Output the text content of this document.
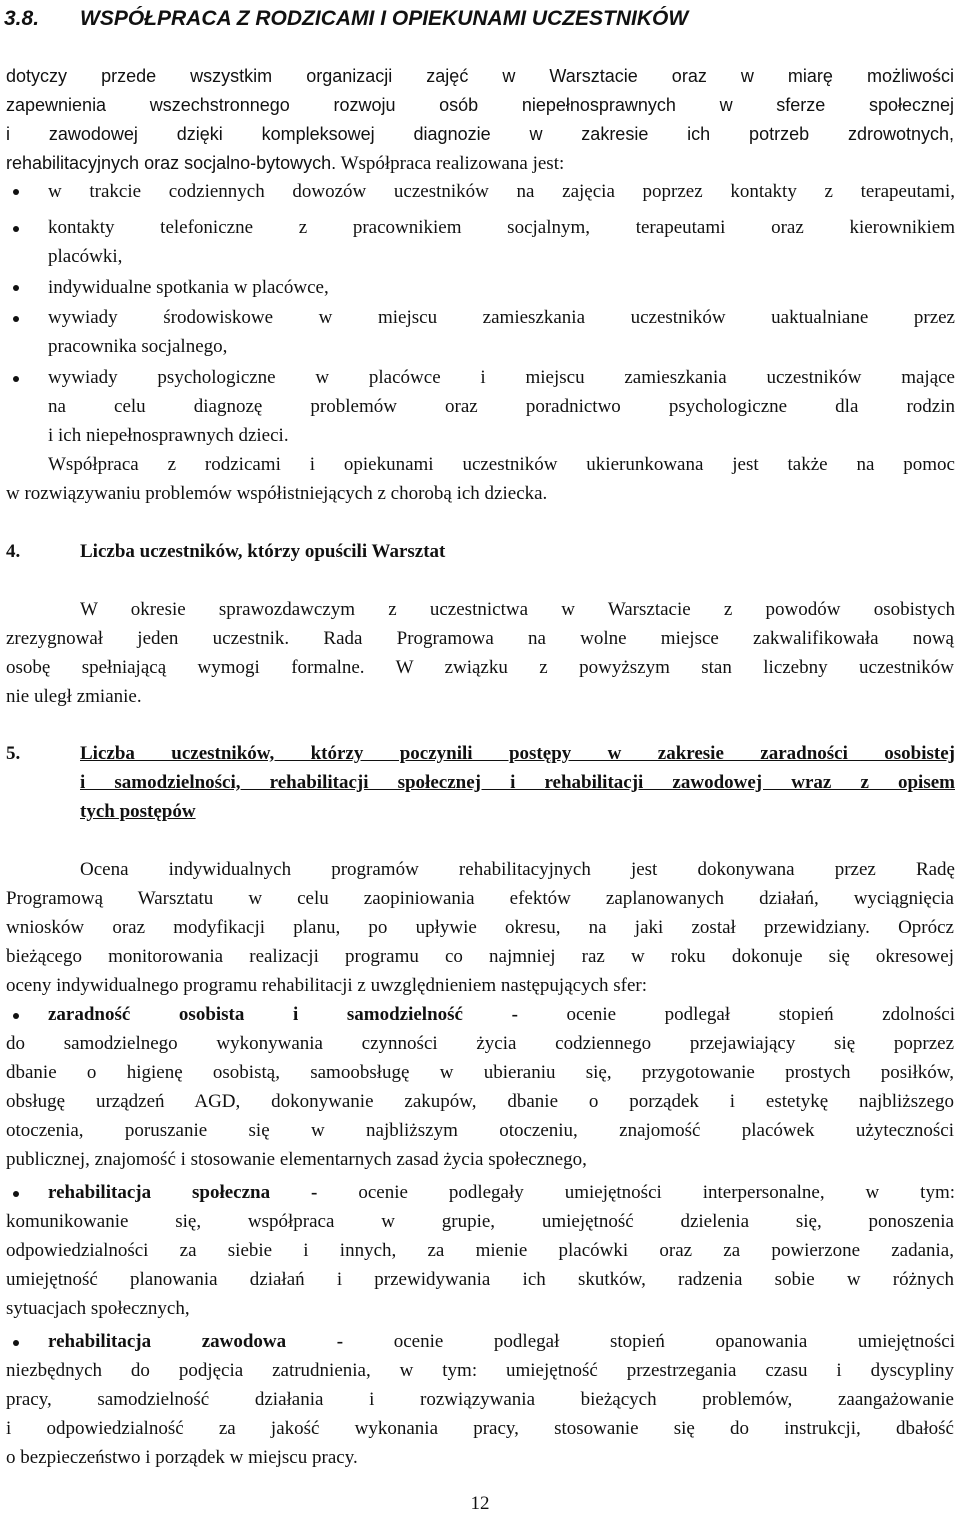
3.8. WSPÓŁPRACA Z RODZICAMI I OPIEKUNAMI UCZESTNIKÓW
dotyczy przede wszystkim organizacji zajęć w Warsztacie oraz w miarę możliwości
zapewnienia wszechstronnego rozwoju osób niepełnosprawnych w sferze społecznej
i zawodowej dzięki kompleksowej diagnozie w zakresie ich potrzeb zdrowotnych,
rehabilitacyjnych oraz socjalno-bytowych. Współpraca realizowana jest:
w trakcie codziennych dowozów uczestników na zajęcia poprzez kontakty z terapeutami,
kontakty telefoniczne z pracownikiem socjalnym, terapeutami oraz kierownikiem
placówki,
indywidualne spotkania w placówce,
wywiady środowiskowe w miejscu zamieszkania uczestników uaktualniane przez
pracownika socjalnego,
wywiady psychologiczne w placówce i miejscu zamieszkania uczestników mające
na celu diagnozę problemów oraz poradnictwo psychologiczne dla rodzin
i ich niepełnosprawnych dzieci.
Współpraca z rodzicami i opiekunami uczestników ukierunkowana jest także na pomoc
w rozwiązywaniu problemów współistniejących z chorobą ich dziecka.
4.	Liczba uczestników, którzy opuścili Warsztat
W okresie sprawozdawczym z uczestnictwa w Warsztacie z powodów osobistych
zrezygnował jeden uczestnik. Rada Programowa na wolne miejsce zakwalifikowała nową
osobę spełniającą wymogi formalne. W związku z powyższym stan liczebny uczestników
nie uległ zmianie.
5.	Liczba uczestników, którzy poczynili postępy w zakresie zaradności osobistej
i samodzielności, rehabilitacji społecznej i rehabilitacji zawodowej wraz z opisem
tych postępów
Ocena indywidualnych programów rehabilitacyjnych jest dokonywana przez Radę
Programową Warsztatu w celu zaopiniowania efektów zaplanowanych działań, wyciągnięcia
wniosków oraz modyfikacji planu, po upływie okresu, na jaki został przewidziany. Oprócz
bieżącego monitorowania realizacji programu co najmniej raz w roku dokonuje się okresowej
oceny indywidualnego programu rehabilitacji z uwzględnieniem następujących sfer:
zaradność osobista i samodzielność -	ocenie podlegał stopień zdolności
do samodzielnego wykonywania czynności życia codziennego przejawiający się poprzez
dbanie o higienę osobistą, samoobsługę w ubieraniu się, przygotowanie prostych posiłków,
obsługę urządzeń AGD, dokonywanie zakupów, dbanie o porządek i estetykę najbliższego
otoczenia, poruszanie się w najbliższym otoczeniu, znajomość placówek użyteczności
publicznej, znajomość i stosowanie elementarnych zasad życia społecznego,
rehabilitacja społeczna - ocenie podlegały umiejętności interpersonalne, w tym:
komunikowanie się, współpraca w grupie, umiejętność dzielenia się, ponoszenia
odpowiedzialności za siebie i innych, za mienie placówki oraz za powierzone zadania,
umiejętność planowania działań i przewidywania ich skutków, radzenia sobie w różnych
sytuacjach społecznych,
rehabilitacja zawodowa -	ocenie podlegał stopień opanowania umiejętności
niezbędnych do podjęcia zatrudnienia, w tym: umiejętność przestrzegania czasu i dyscypliny
pracy, samodzielność działania i rozwiązywania bieżących problemów, zaangażowanie
i odpowiedzialność za jakość wykonania pracy, stosowanie się do instrukcji, dbałość
o bezpieczeństwo i porządek w miejscu pracy.
12
